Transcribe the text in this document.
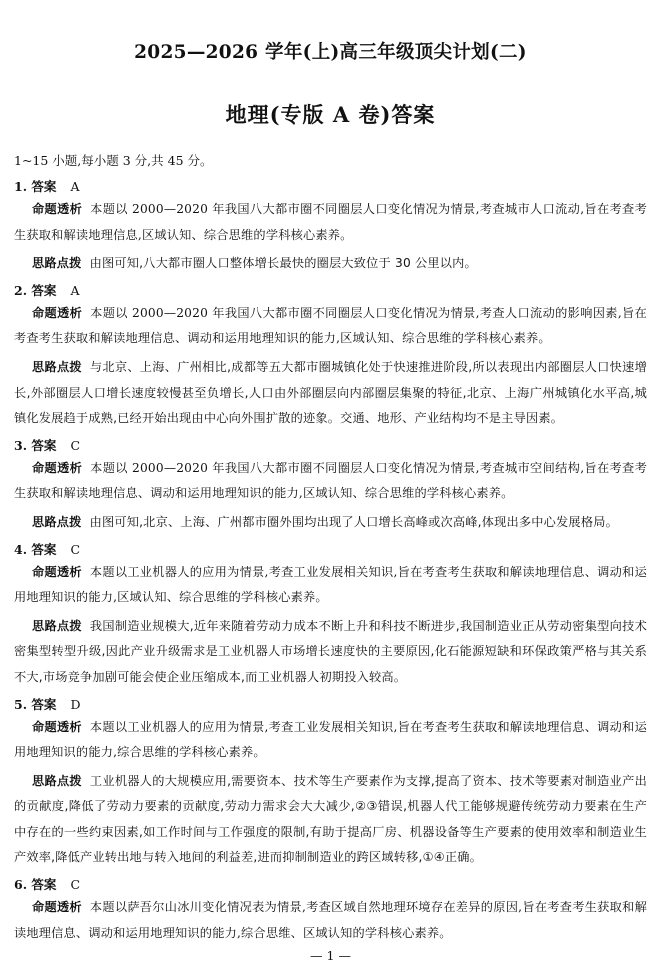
2025—2026 学年(上)高三年级顶尖计划(二)
地理(专版 A 卷)答案
1~15 小题,每小题 3 分,共 45 分。
1. 答案 A

命题透析 本题以 2000—2020 年我国八大都市圈不同圈层人口变化情况为情景,考查城市人口流动,旨在考查考生获取和解读地理信息,区域认知、综合思维的学科核心素养。

思路点拨 由图可知,八大都市圈人口整体增长最快的圈层大致位于 30 公里以内。

2. 答案 A

命题透析 本题以 2000—2020 年我国八大都市圈不同圈层人口变化情况为情景,考查人口流动的影响因素,旨在考查考生获取和解读地理信息、调动和运用地理知识的能力,区域认知、综合思维的学科核心素养。

思路点拨 与北京、上海、广州相比,成都等五大都市圈城镇化处于快速推进阶段,所以表现出内部圈层人口快速增长,外部圈层人口增长速度较慢甚至负增长,人口由外部圈层向内部圈层集聚的特征,北京、上海广州城镇化水平高,城镇化发展趋于成熟,已经开始出现由中心向外围扩散的迹象。交通、地形、产业结构均不是主导因素。

3. 答案 C

命题透析 本题以 2000—2020 年我国八大都市圈不同圈层人口变化情况为情景,考查城市空间结构,旨在考查考生获取和解读地理信息、调动和运用地理知识的能力,区域认知、综合思维的学科核心素养。

思路点拨 由图可知,北京、上海、广州都市圈外围均出现了人口增长高峰或次高峰,体现出多中心发展格局。

4. 答案 C

命题透析 本题以工业机器人的应用为情景,考查工业发展相关知识,旨在考查考生获取和解读地理信息、调动和运用地理知识的能力,区域认知、综合思维的学科核心素养。

思路点拨 我国制造业规模大,近年来随着劳动力成本不断上升和科技不断进步,我国制造业正从劳动密集型向技术密集型转型升级,因此产业升级需求是工业机器人市场增长速度快的主要原因,化石能源短缺和环保政策严格与其关系不大,市场竞争加剧可能会使企业压缩成本,而工业机器人初期投入较高。

5. 答案 D

命题透析 本题以工业机器人的应用为情景,考查工业发展相关知识,旨在考查考生获取和解读地理信息、调动和运用地理知识的能力,综合思维的学科核心素养。

思路点拨 工业机器人的大规模应用,需要资本、技术等生产要素作为支撑,提高了资本、技术等要素对制造业产出的贡献度,降低了劳动力要素的贡献度,劳动力需求会大大减少,②③错误,机器人代工能够规避传统劳动力要素在生产中存在的一些约束因素,如工作时间与工作强度的限制,有助于提高厂房、机器设备等生产要素的使用效率和制造业生产效率,降低产业转出地与转入地间的利益差,进而抑制制造业的跨区域转移,①④正确。

6. 答案 C

命题透析 本题以萨吾尔山冰川变化情况表为情景,考查区域自然地理环境存在差异的原因,旨在考查考生获取和解读地理信息、调动和运用地理知识的能力,综合思维、区域认知的学科核心素养。

— 1 —
